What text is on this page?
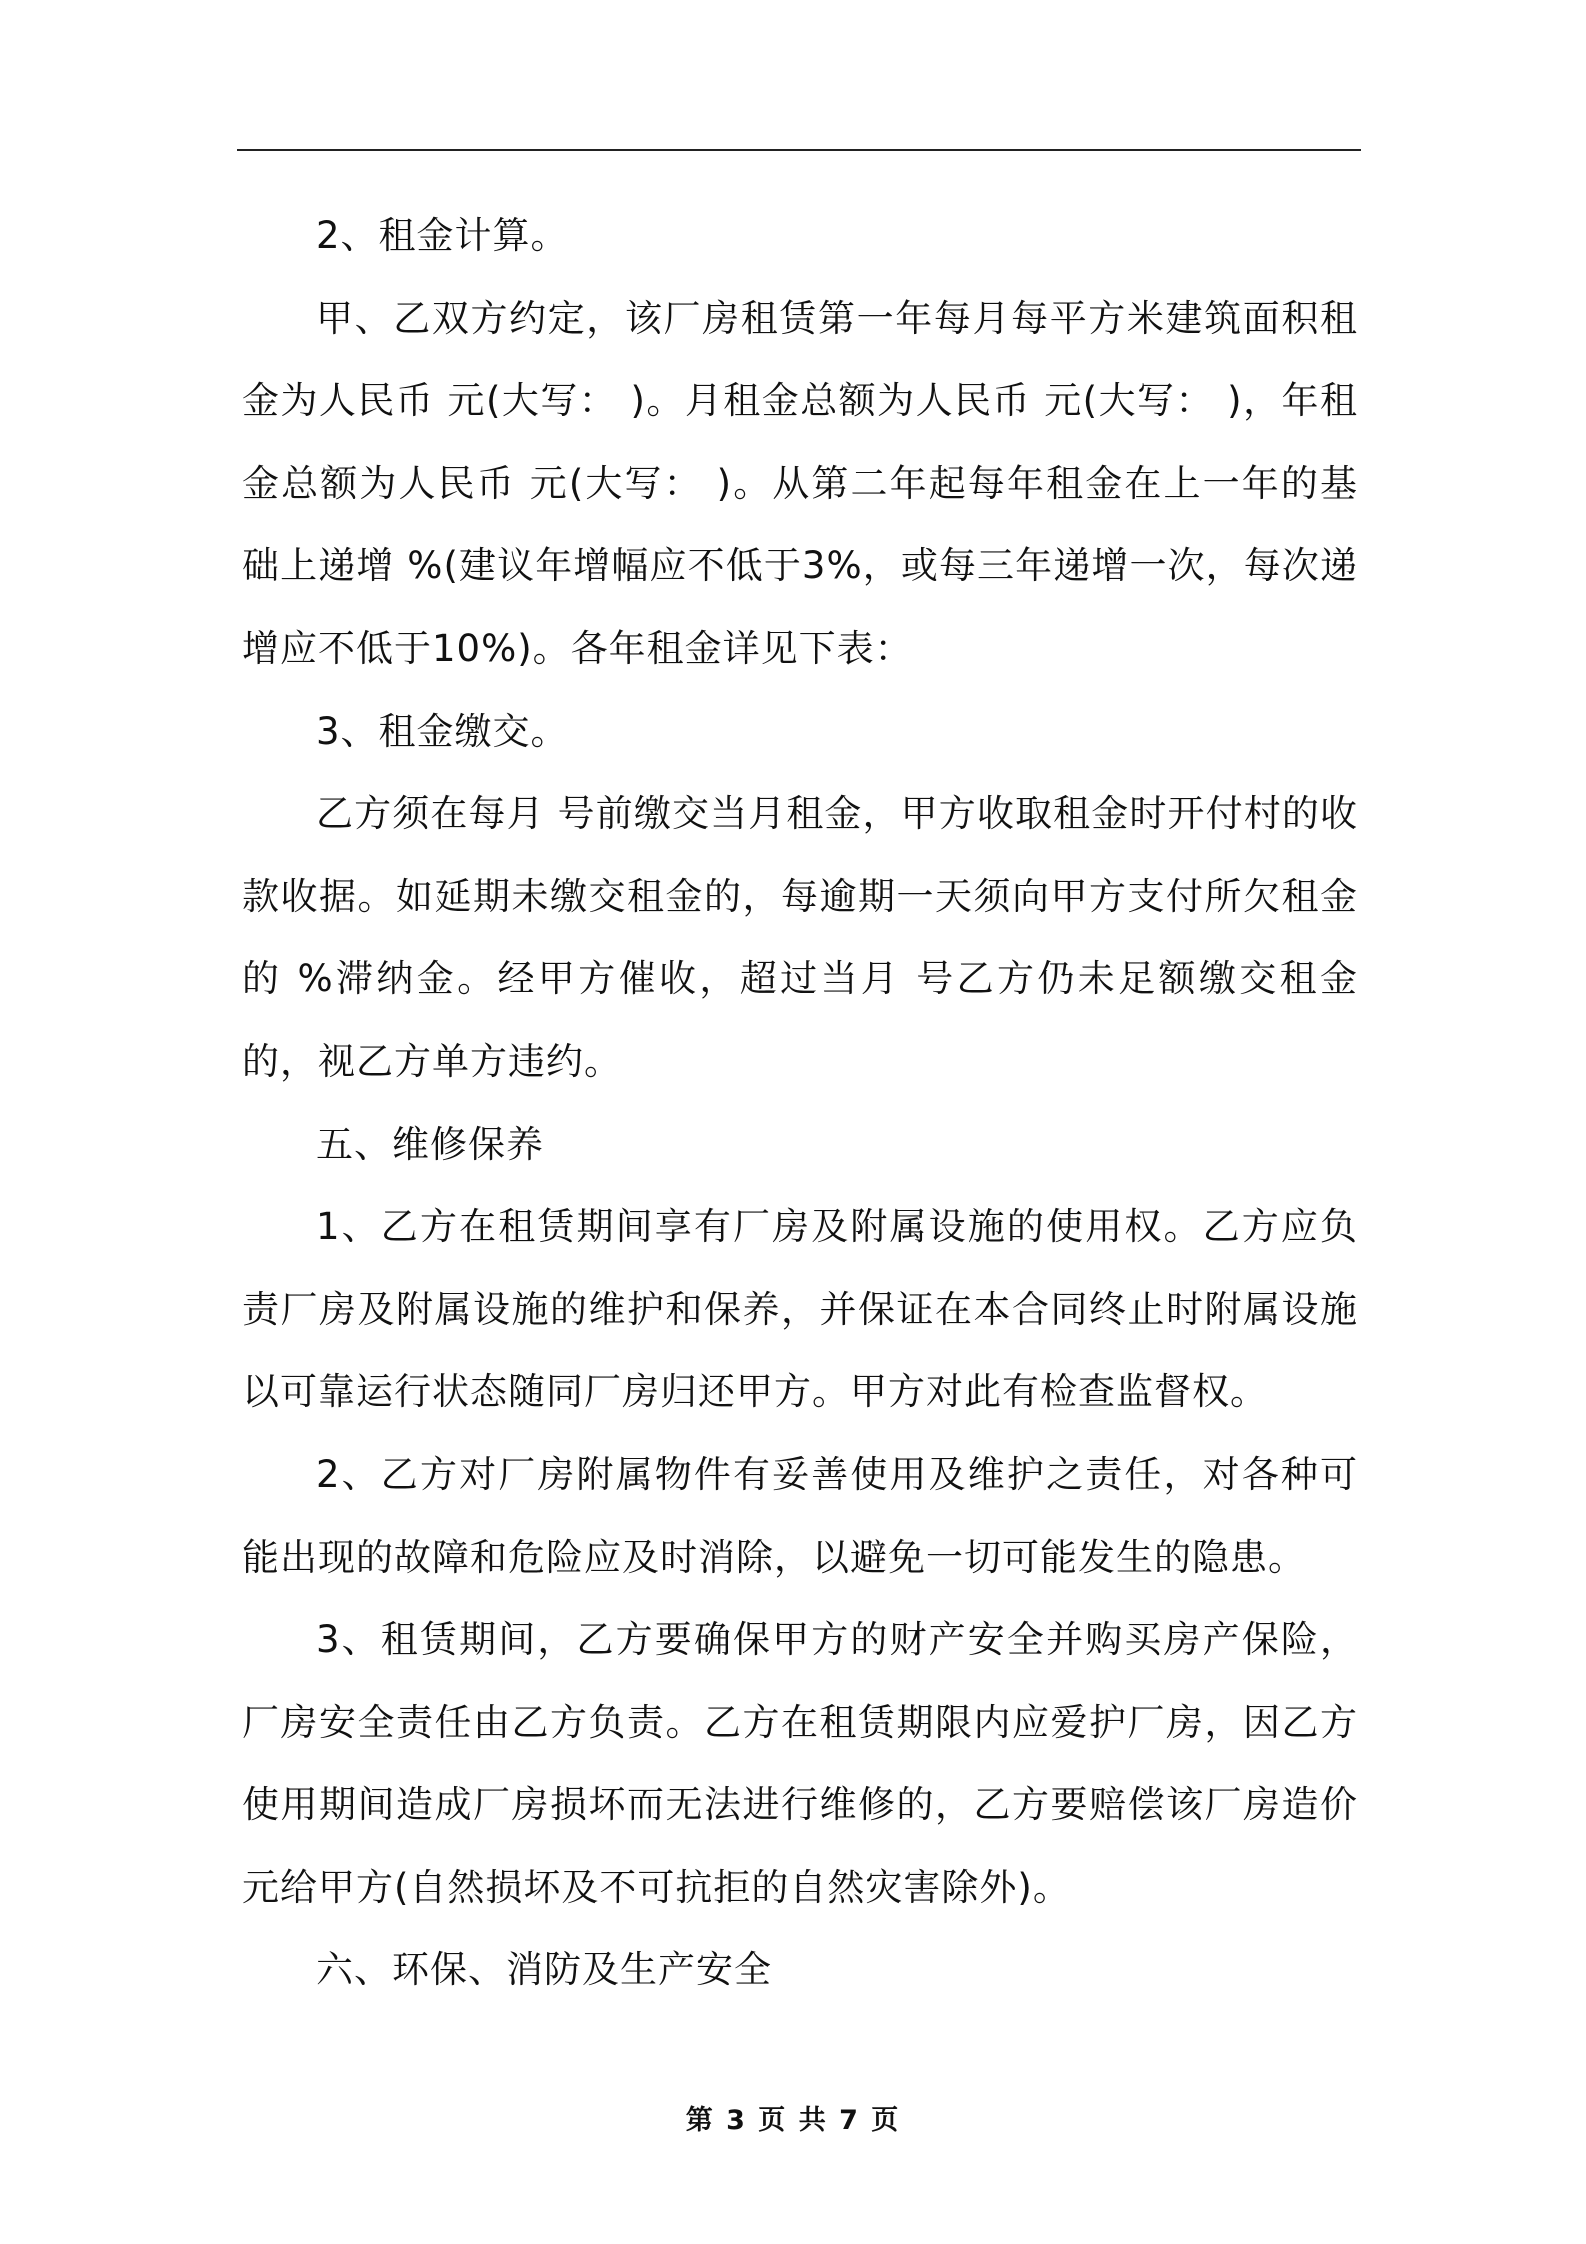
2、租金计算。

甲、乙双方约定，该厂房租赁第一年每月每平方米建筑面积租金为人民币 元(大写： )。月租金总额为人民币 元(大写： )，年租金总额为人民币 元(大写： )。从第二年起每年租金在上一年的基础上递增 %(建议年增幅应不低于3%，或每三年递增一次，每次递增应不低于10%)。各年租金详见下表：

3、租金缴交。

乙方须在每月 号前缴交当月租金，甲方收取租金时开付村的收款收据。如延期未缴交租金的，每逾期一天须向甲方支付所欠租金的 %滞纳金。经甲方催收，超过当月 号乙方仍未足额缴交租金的，视乙方单方违约。

五、维修保养

1、乙方在租赁期间享有厂房及附属设施的使用权。乙方应负责厂房及附属设施的维护和保养，并保证在本合同终止时附属设施以可靠运行状态随同厂房归还甲方。甲方对此有检查监督权。

2、乙方对厂房附属物件有妥善使用及维护之责任，对各种可能出现的故障和危险应及时消除，以避免一切可能发生的隐患。

3、租赁期间，乙方要确保甲方的财产安全并购买房产保险，厂房安全责任由乙方负责。乙方在租赁期限内应爱护厂房，因乙方使用期间造成厂房损坏而无法进行维修的，乙方要赔偿该厂房造价 元给甲方(自然损坏及不可抗拒的自然灾害除外)。

六、环保、消防及生产安全

第 3 页 共 7 页
